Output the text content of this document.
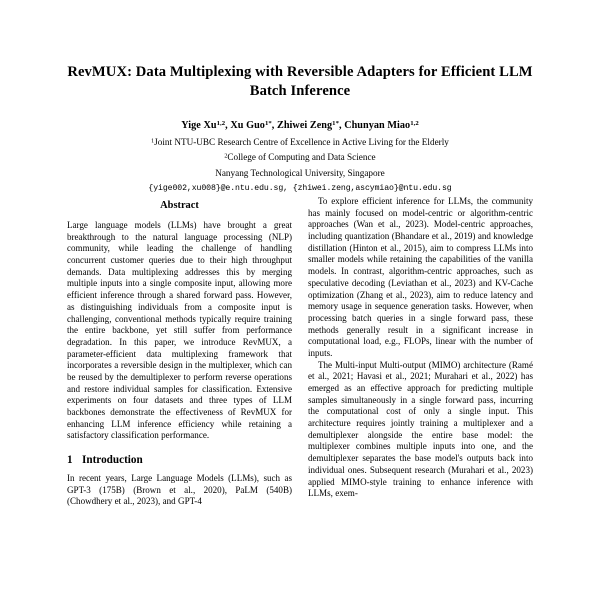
RevMUX: Data Multiplexing with Reversible Adapters for Efficient LLM Batch Inference
Yige Xu$^{1,2}$, Xu Guo$^{1*}$, Zhiwei Zeng$^{1*}$, Chunyan Miao$^{1,2}$
$^1$Joint NTU-UBC Research Centre of Excellence in Active Living for the Elderly
$^2$College of Computing and Data Science
Nanyang Technological University, Singapore
{yige002,xu008}@e.ntu.edu.sg, {zhiwei.zeng,ascymiao}@ntu.edu.sg
Abstract

Large language models (LLMs) have brought a great breakthrough to the natural language processing (NLP) community, while leading the challenge of handling concurrent customer queries due to their high throughput demands. Data multiplexing addresses this by merging multiple inputs into a single composite input, allowing more efficient inference through a shared forward pass. However, as distinguishing individuals from a composite input is challenging, conventional methods typically require training the entire backbone, yet still suffer from performance degradation. In this paper, we introduce RevMUX, a parameter-efficient data multiplexing framework that incorporates a reversible design in the multiplexer, which can be reused by the demultiplexer to perform reverse operations and restore individual samples for classification. Extensive experiments on four datasets and three types of LLM backbones demonstrate the effectiveness of RevMUX for enhancing LLM inference efficiency while retaining a satisfactory classification performance.

1 Introduction

In recent years, Large Language Models (LLMs), such as GPT-3 (175B) (Brown et al., 2020), PaLM (540B) (Chowdhery et al., 2023), and GPT-4

To explore efficient inference for LLMs, the community has mainly focused on model-centric or algorithm-centric approaches (Wan et al., 2023). Model-centric approaches, including quantization (Bhandare et al., 2019) and knowledge distillation (Hinton et al., 2015), aim to compress LLMs into smaller models while retaining the capabilities of the vanilla models. In contrast, algorithm-centric approaches, such as speculative decoding (Leviathan et al., 2023) and KV-Cache optimization (Zhang et al., 2023), aim to reduce latency and memory usage in sequence generation tasks. However, when processing batch queries in a single forward pass, these methods generally result in a significant increase in computational load, e.g., FLOPs, linear with the number of inputs.

The Multi-input Multi-output (MIMO) architecture (Ramé et al., 2021; Havasi et al., 2021; Murahari et al., 2022) has emerged as an effective approach for predicting multiple samples simultaneously in a single forward pass, incurring the computational cost of only a single input. This architecture requires jointly training a multiplexer and a demultiplexer alongside the entire base model: the multiplexer combines multiple inputs into one, and the demultiplexer separates the base model's outputs back into individual ones. Subsequent research (Murahari et al., 2023) applied MIMO-style training to enhance inference with LLMs, exem-
